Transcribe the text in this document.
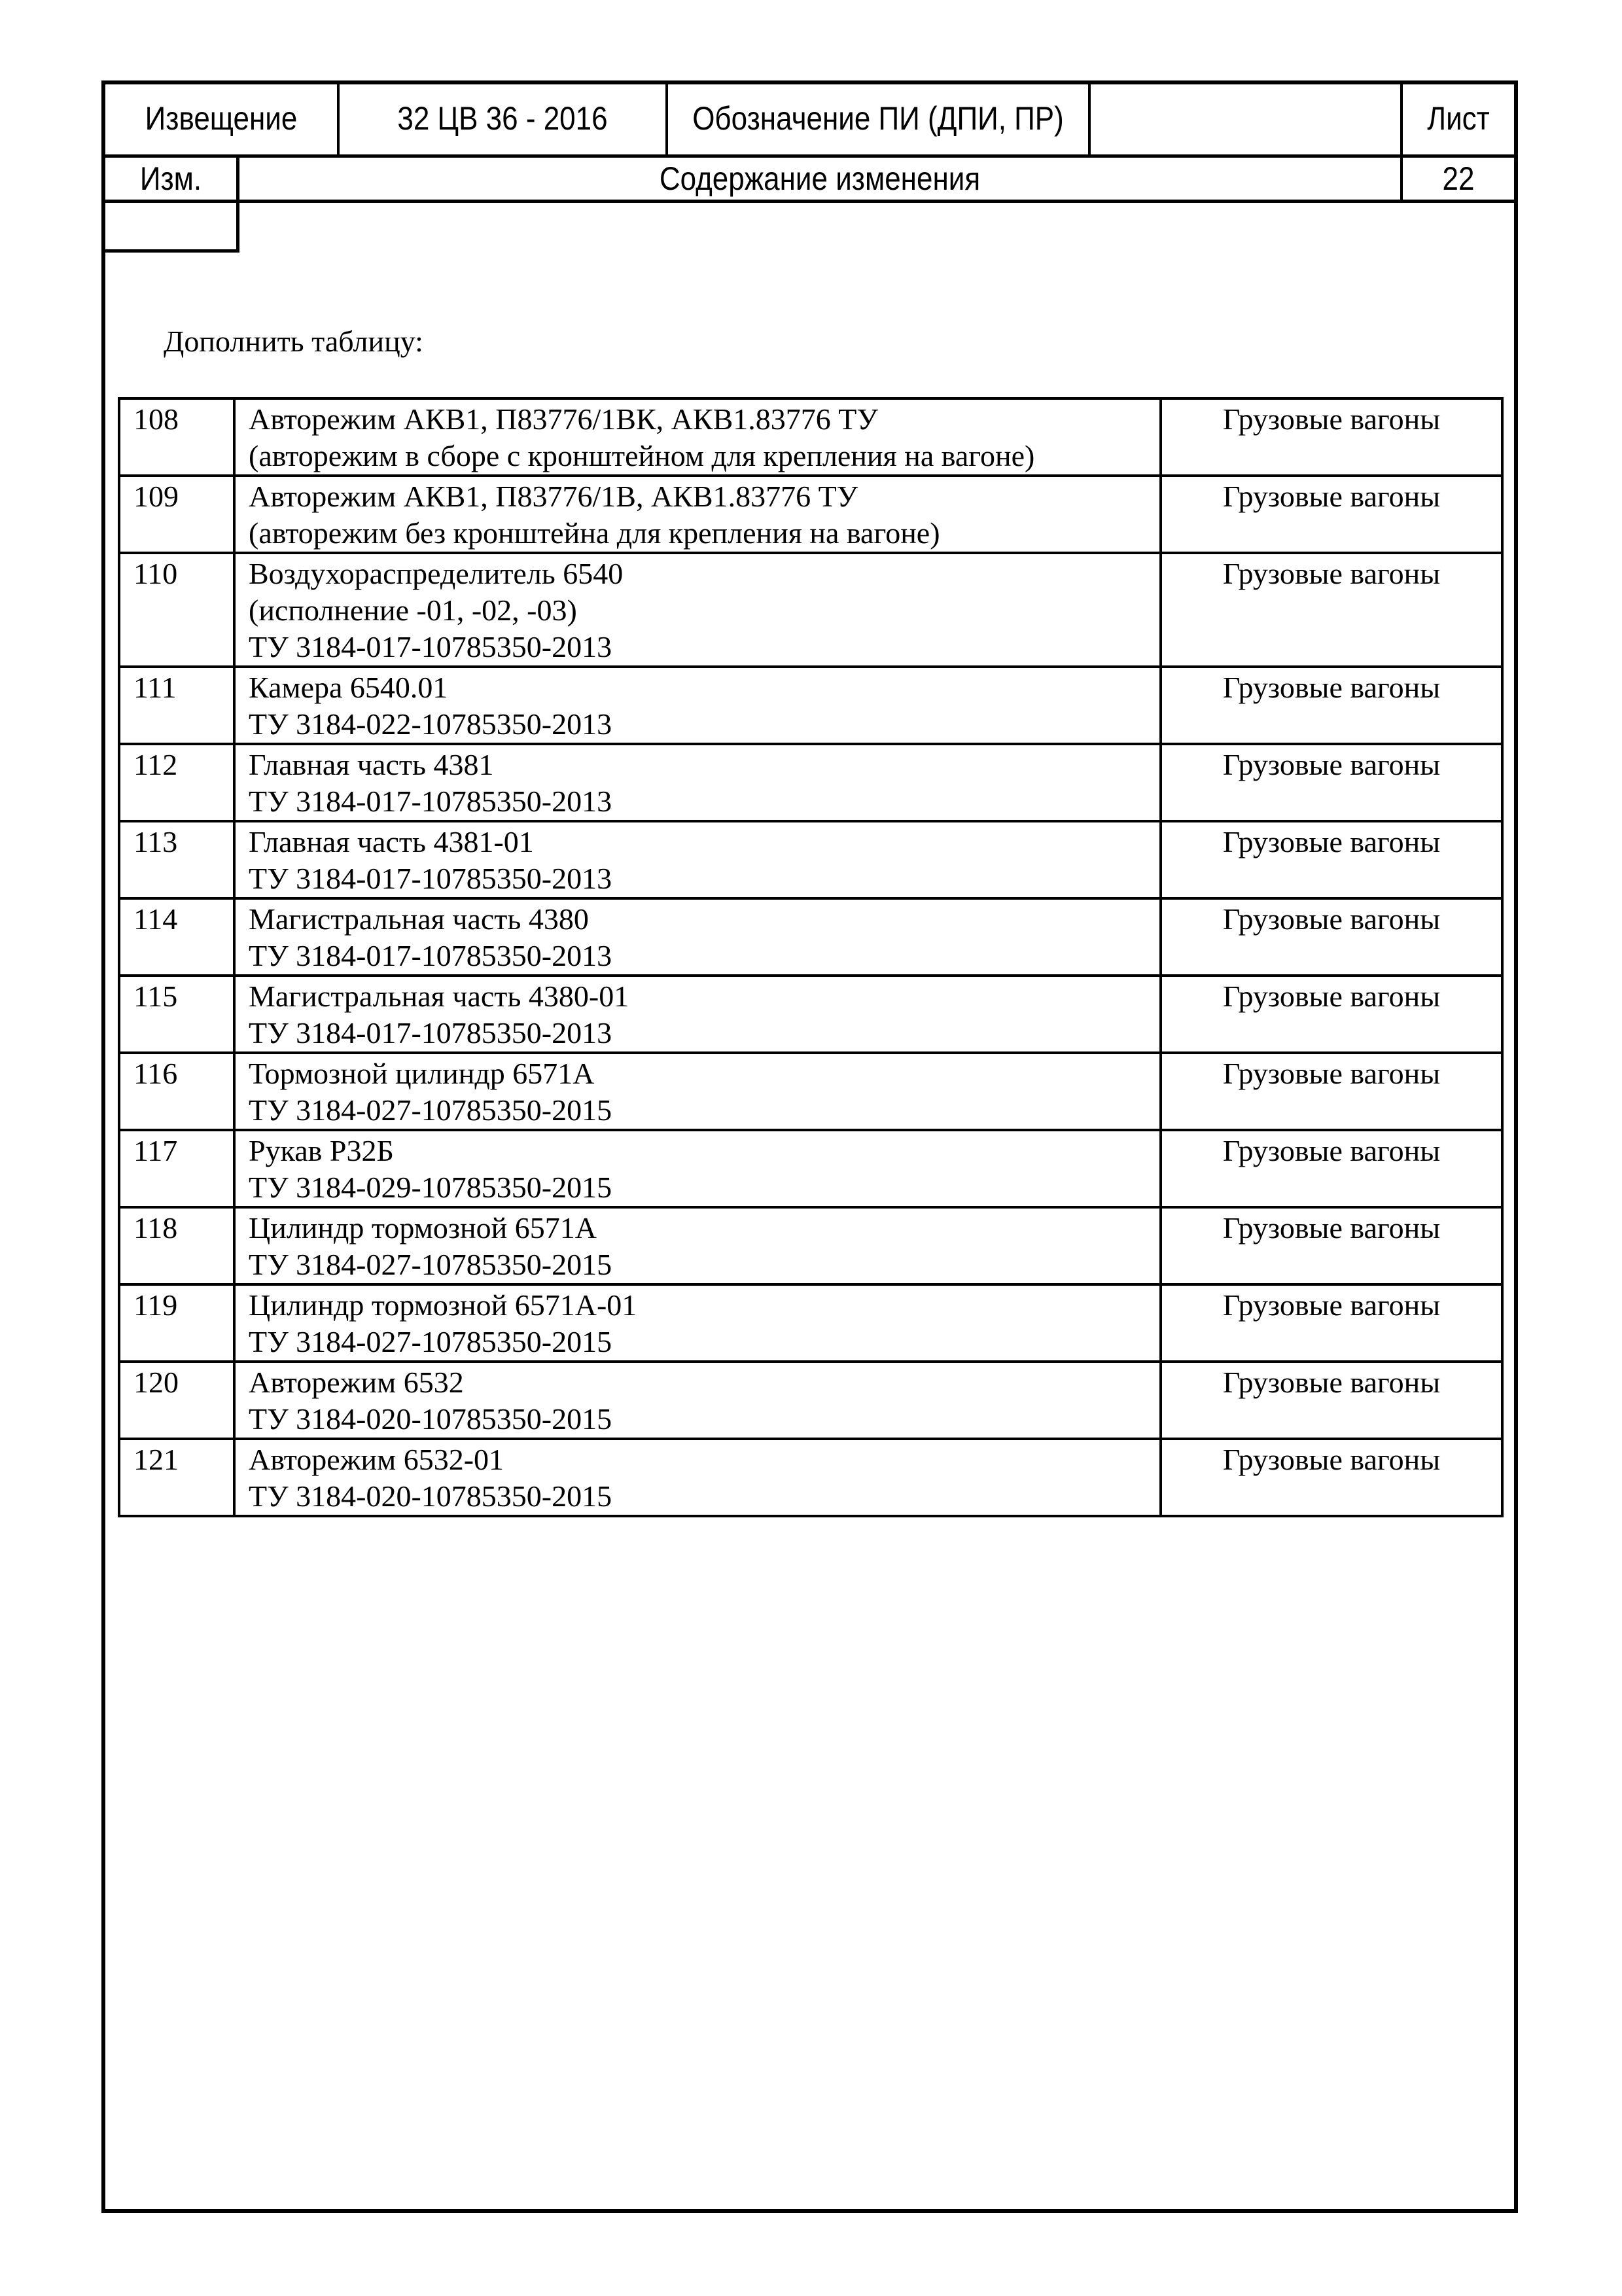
Извещение	32 ЦВ 36 - 2016	Обозначение ПИ (ДПИ, ПР)	Лист
Изм.	Содержание изменения	22
Дополнить таблицу:
108	Авторежим АКВ1, П83776/1ВК, АКВ1.83776 ТУ
(авторежим в сборе с кронштейном для крепления на вагоне)	Грузовые вагоны
109	Авторежим АКВ1, П83776/1В, АКВ1.83776 ТУ
(авторежим без кронштейна для крепления на вагоне)	Грузовые вагоны
110	Воздухораспределитель 6540
(исполнение -01, -02, -03)
ТУ 3184-017-10785350-2013	Грузовые вагоны
111	Камера 6540.01
ТУ 3184-022-10785350-2013	Грузовые вагоны
112	Главная часть 4381
ТУ 3184-017-10785350-2013	Грузовые вагоны
113	Главная часть 4381-01
ТУ 3184-017-10785350-2013	Грузовые вагоны
114	Магистральная часть 4380
ТУ 3184-017-10785350-2013	Грузовые вагоны
115	Магистральная часть 4380-01
ТУ 3184-017-10785350-2013	Грузовые вагоны
116	Тормозной цилиндр 6571А
ТУ 3184-027-10785350-2015	Грузовые вагоны
117	Рукав Р32Б
ТУ 3184-029-10785350-2015	Грузовые вагоны
118	Цилиндр тормозной 6571А
ТУ 3184-027-10785350-2015	Грузовые вагоны
119	Цилиндр тормозной 6571А-01
ТУ 3184-027-10785350-2015	Грузовые вагоны
120	Авторежим 6532
ТУ 3184-020-10785350-2015	Грузовые вагоны
121	Авторежим 6532-01
ТУ 3184-020-10785350-2015	Грузовые вагоны
